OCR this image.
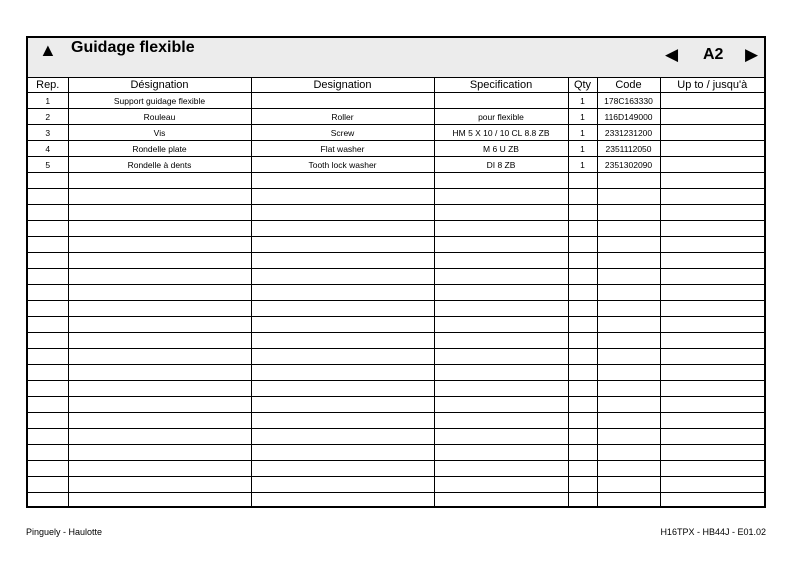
▲ Guidage flexible	◀ A2 ▶
Rep.	Désignation	Designation	Specification	Qty	Code	Up to / jusqu'à
1	Support guidage flexible			1	178C163330	
2	Rouleau	Roller	pour flexible	1	116D149000	
3	Vis	Screw	HM 5 X 10 / 10 CL 8.8 ZB	1	2331231200	
4	Rondelle plate	Flat washer	M 6 U ZB	1	2351112050	
5	Rondelle à dents	Tooth lock washer	DI 8 ZB	1	2351302090	

Pinguely - Haulotte	H16TPX - HB44J - E01.02
